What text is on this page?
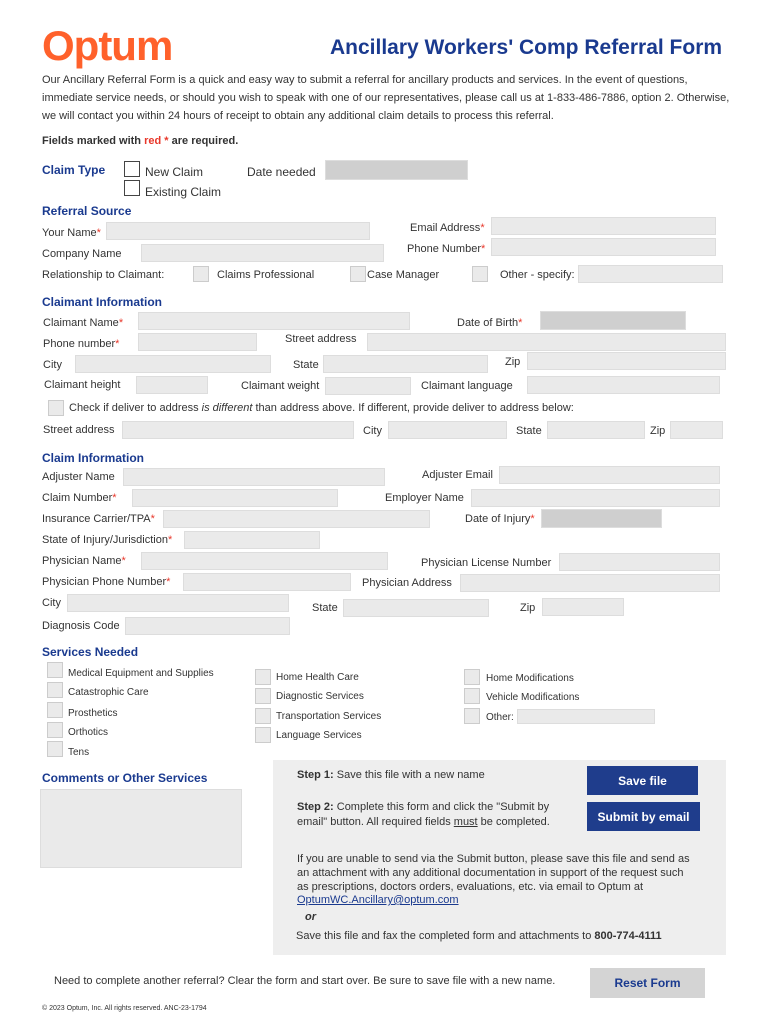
Optum	Ancillary Workers' Comp Referral Form
Our Ancillary Referral Form is a quick and easy way to submit a referral for ancillary products and services. In the event of questions, immediate service needs, or should you wish to speak with one of our representatives, please call us at 1-833-486-7886, option 2. Otherwise, we will contact you within 24 hours of receipt to obtain any additional claim details to process this referral.
Fields marked with red * are required.
Claim Type	New Claim
Existing Claim
Date needed
Referral Source
Your Name*	Email Address*
Company Name	Phone Number*
Relationship to Claimant:	Claims Professional	Case Manager	Other - specify:
Claimant Information
Claimant Name*	Date of Birth*
Phone number*	Street address
City	State	Zip
Claimant height	Claimant weight	Claimant language
Check if deliver to address is different than address above. If different, provide deliver to address below:
Street address	City	State	Zip
Claim Information
Adjuster Name	Adjuster Email
Claim Number*	Employer Name
Insurance Carrier/TPA*	Date of Injury*
State of Injury/Jurisdiction*
Physician Name*	Physician License Number
Physician Phone Number*	Physician Address
City	State	Zip
Diagnosis Code
Services Needed
Medical Equipment and Supplies
Catastrophic Care
Prosthetics
Orthotics
Tens
Home Health Care
Diagnostic Services
Transportation Services
Language Services
Home Modifications
Vehicle Modifications
Other:
Comments or Other Services	Step 1: Save this file with a new name	Save file
Step 2: Complete this form and click the "Submit by email" button. All required fields must be completed.	Submit by email
If you are unable to send via the Submit button, please save this file and send as an attachment with any additional documentation in support of the request such as prescriptions, doctors orders, evaluations, etc. via email to Optum at
OptumWC.Ancillary@optum.com
or
Save this file and fax the completed form and attachments to 800-774-4111
Need to complete another referral? Clear the form and start over. Be sure to save file with a new name.	Reset Form
© 2023 Optum, Inc. All rights reserved. ANC-23-1794
